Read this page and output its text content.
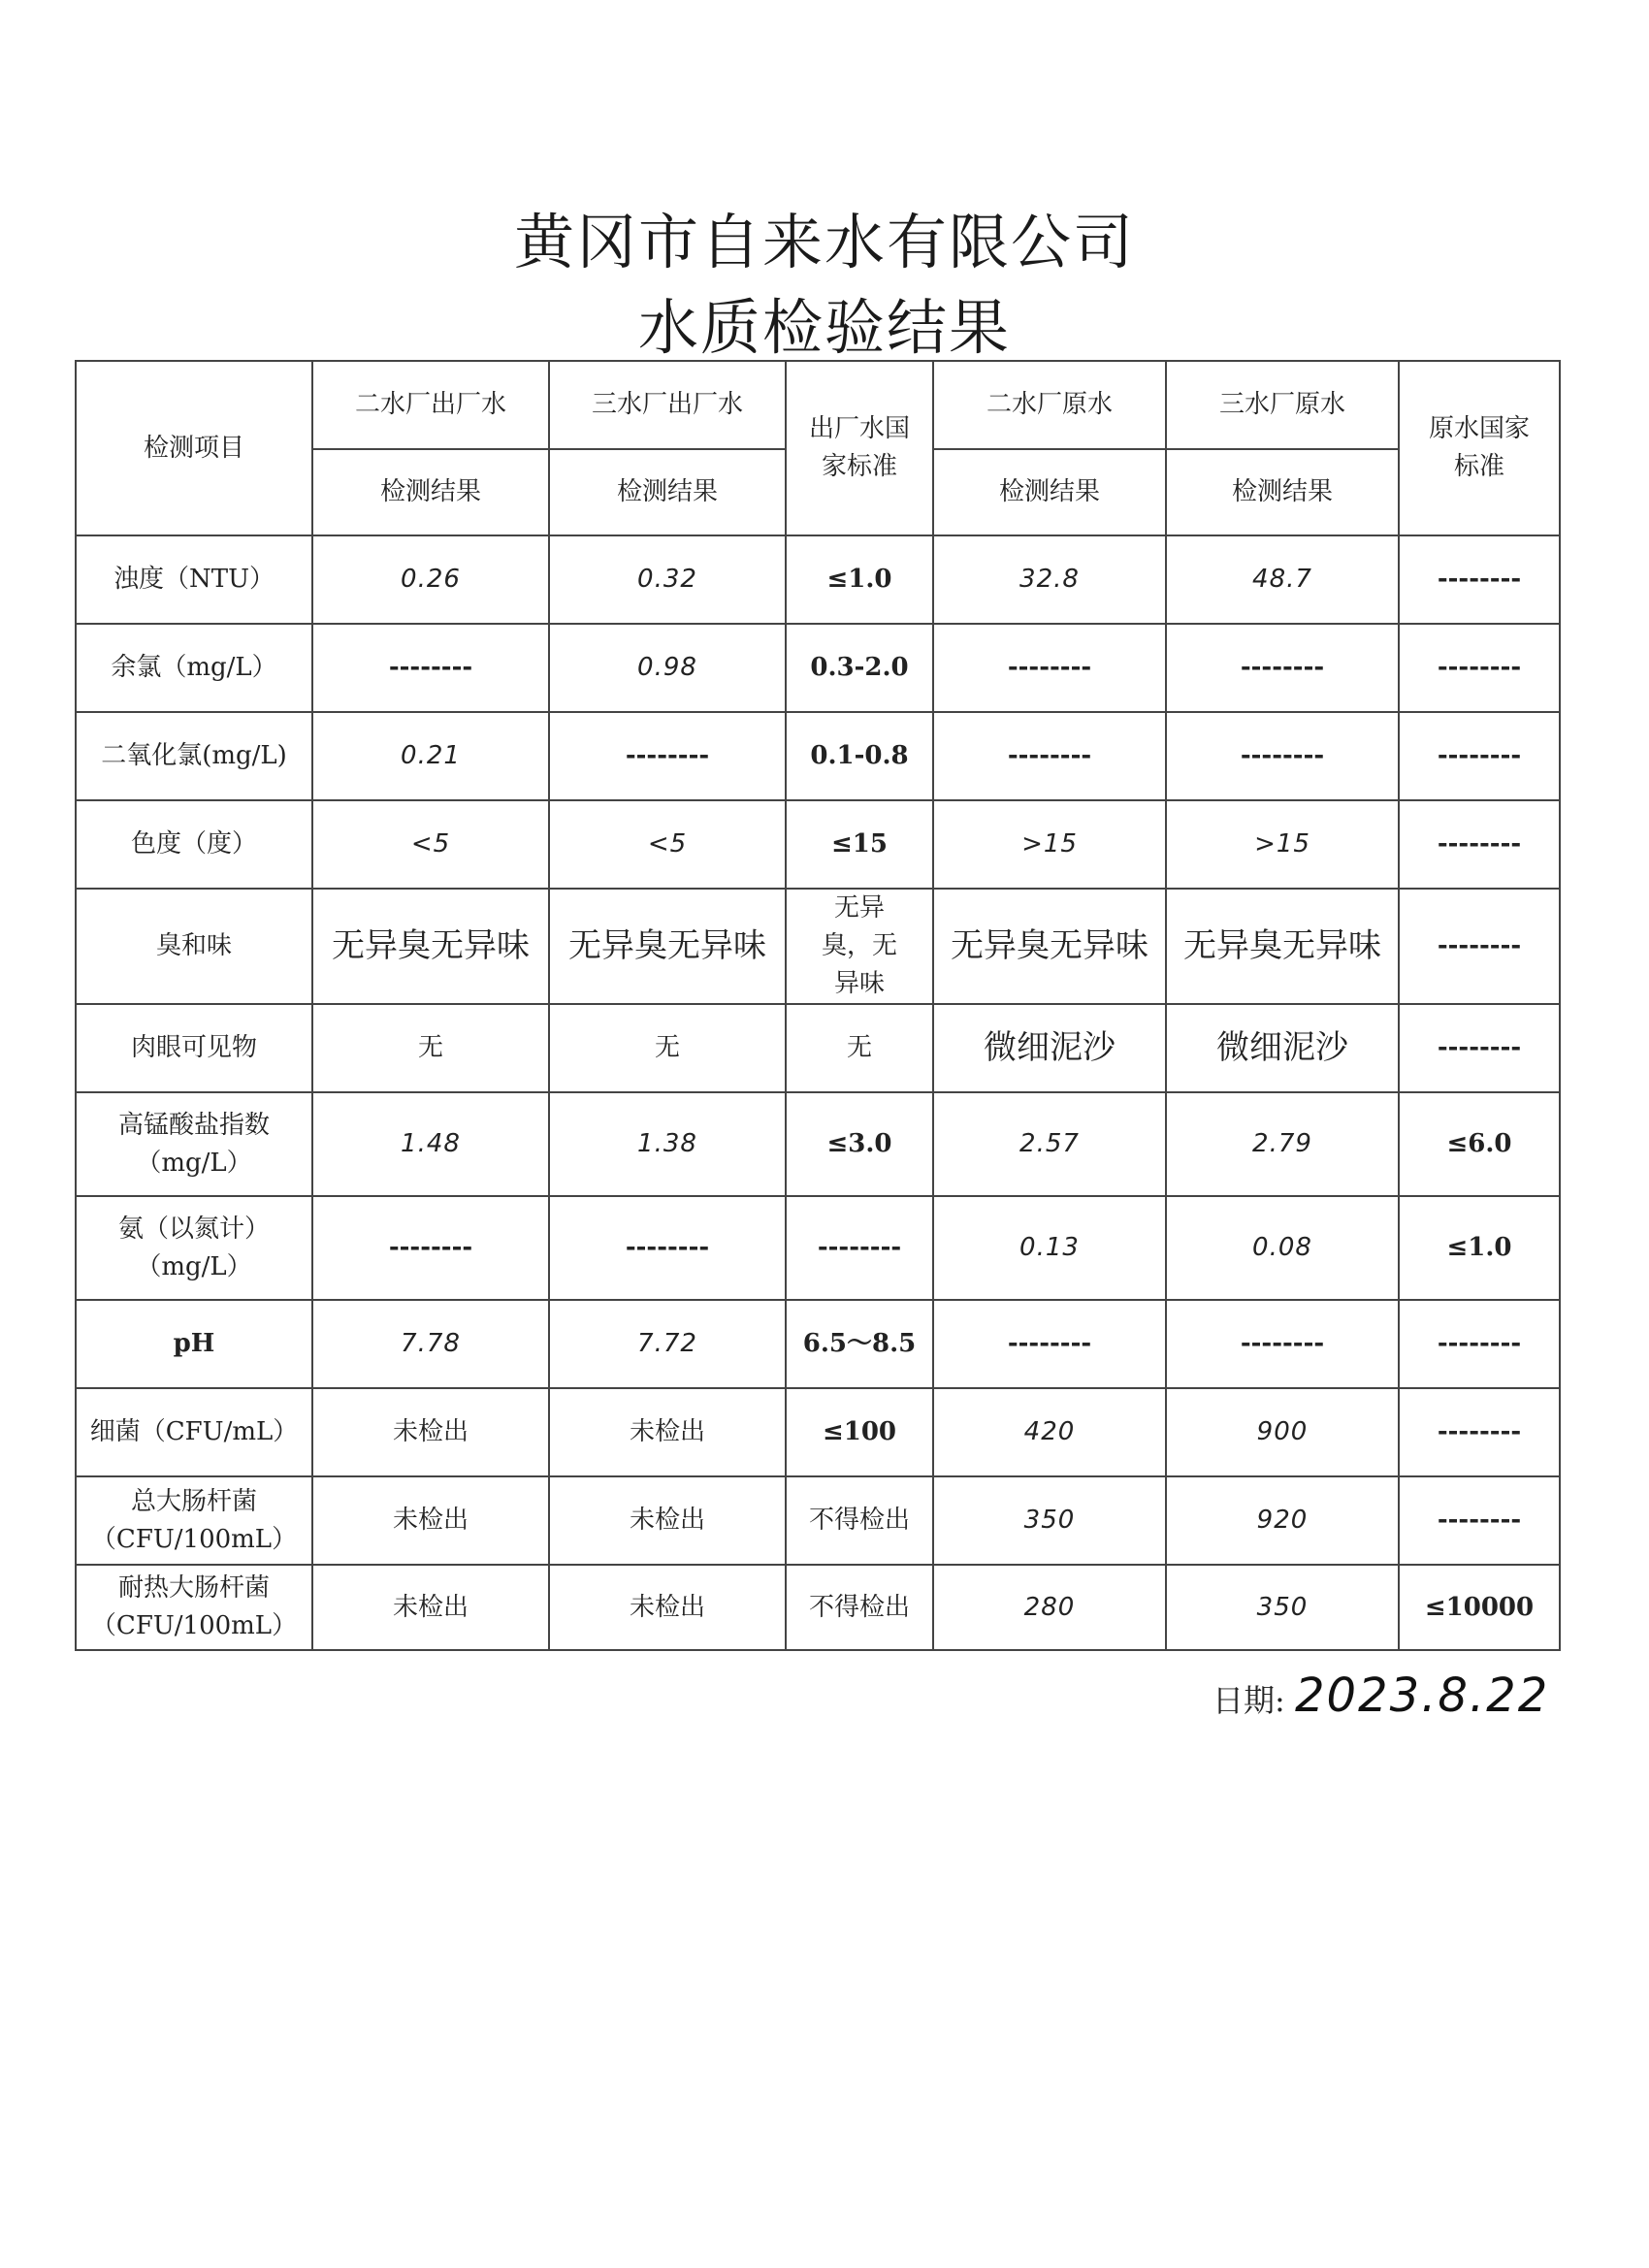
黄冈市自来水有限公司
水质检验结果
检测项目	二水厂出厂水	三水厂出厂水	出厂水国家标准	二水厂原水	三水厂原水	原水国家标准
	检测结果	检测结果		检测结果	检测结果	
浊度（NTU）	0.26	0.32	≤1.0	32.8	48.7	--------
余氯（mg/L）	--------	0.98	0.3-2.0	--------	--------	--------
二氧化氯(mg/L)	0.21	--------	0.1-0.8	--------	--------	--------
色度（度）	<5	<5	≤15	>15	>15	--------
臭和味	无异臭无异味	无异臭无异味	无异臭，无异味	无异臭无异味	无异臭无异味	--------
肉眼可见物	无	无	无	微细泥沙	微细泥沙	--------
高锰酸盐指数（mg/L）	1.48	1.38	≤3.0	2.57	2.79	≤6.0
氨（以氮计）（mg/L）	--------	--------	--------	0.13	0.08	≤1.0
pH	7.78	7.72	6.5～8.5	--------	--------	--------
细菌（CFU/mL）	未检出	未检出	≤100	420	900	--------
总大肠杆菌（CFU/100mL）	未检出	未检出	不得检出	350	920	--------
耐热大肠杆菌（CFU/100mL）	未检出	未检出	不得检出	280	350	≤10000
日期: 2023.8.22
